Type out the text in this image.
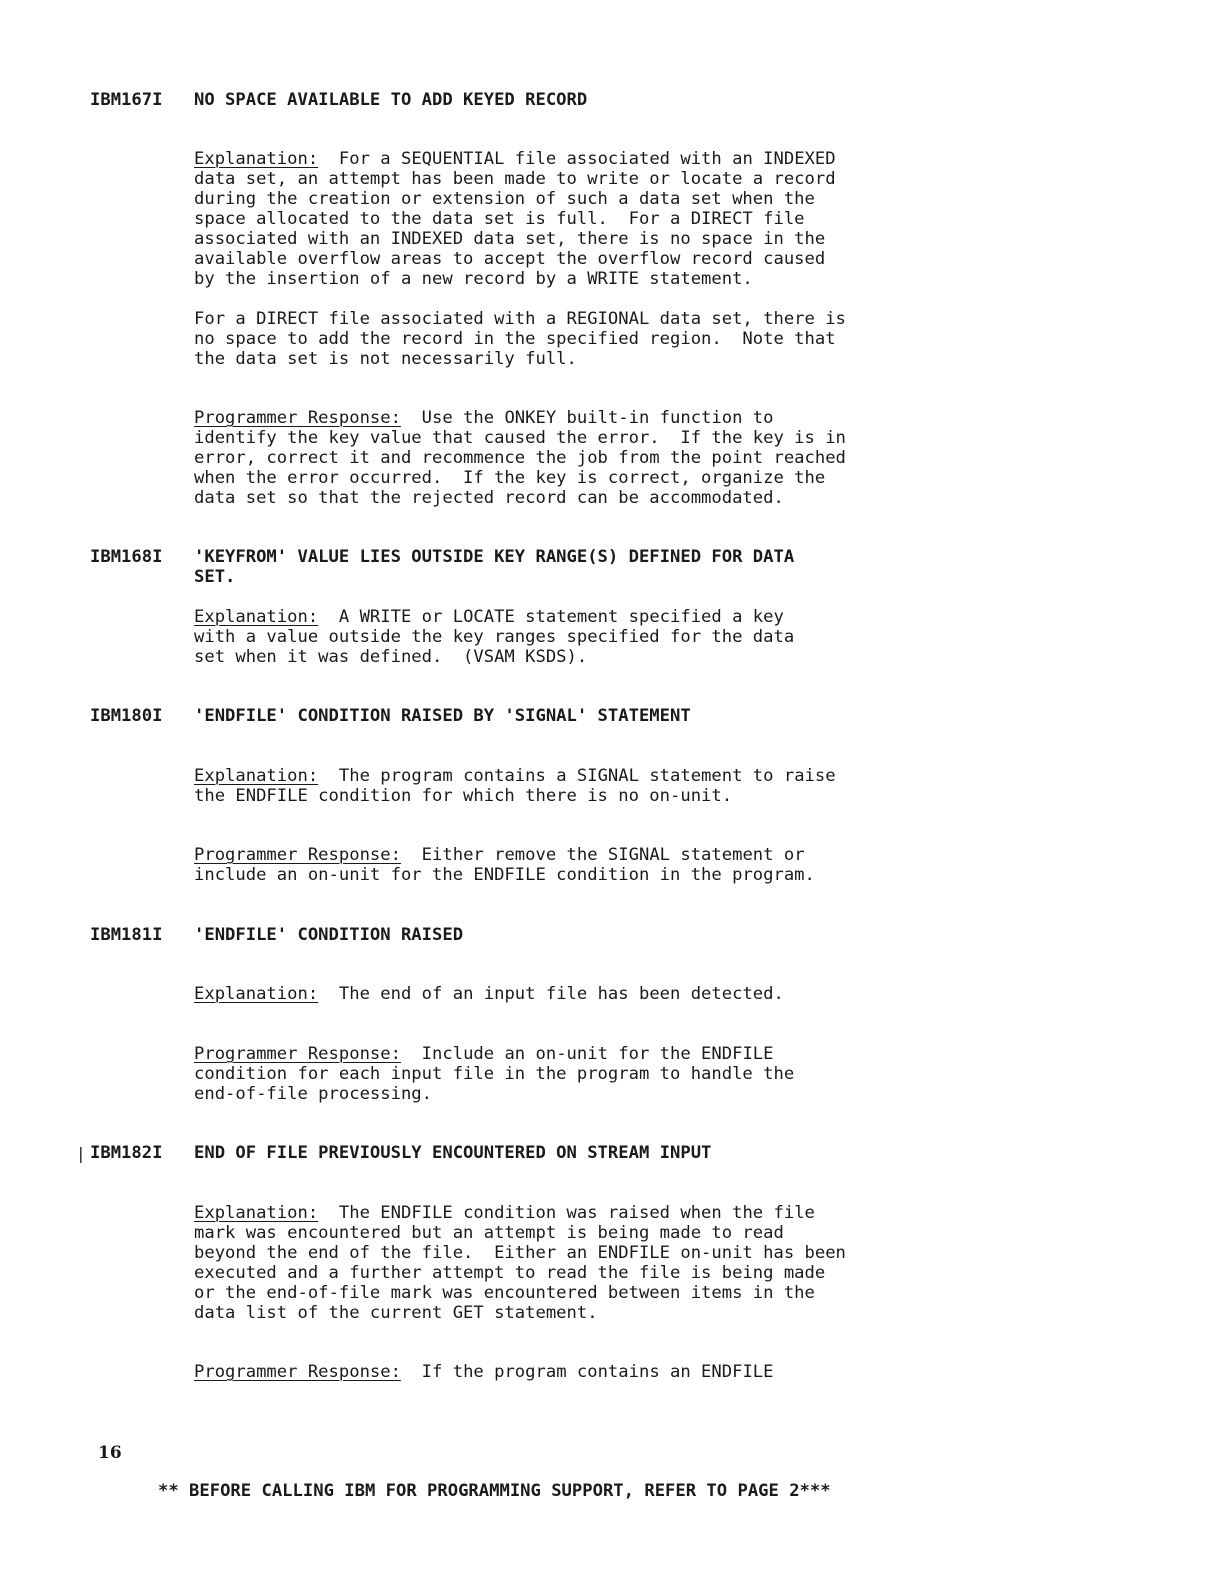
IBM167I NO SPACE AVAILABLE TO ADD KEYED RECORD
Explanation: For a SEQUENTIAL file associated with an INDEXED
data set, an attempt has been made to write or locate a record
during the creation or extension of such a data set when the
space allocated to the data set is full.  For a DIRECT file
associated with an INDEXED data set, there is no space in the
available overflow areas to accept the overflow record caused
by the insertion of a new record by a WRITE statement.
For a DIRECT file associated with a REGIONAL data set, there is
no space to add the record in the specified region.  Note that
the data set is not necessarily full.
Programmer Response: Use the ONKEY built-in function to
identify the key value that caused the error.  If the key is in
error, correct it and recommence the job from the point reached
when the error occurred.  If the key is correct, organize the
data set so that the rejected record can be accommodated.
IBM168I 'KEYFROM' VALUE LIES OUTSIDE KEY RANGE(S) DEFINED FOR DATA
SET.
Explanation: A WRITE or LOCATE statement specified a key
with a value outside the key ranges specified for the data
set when it was defined.  (VSAM KSDS).
IBM180I 'ENDFILE' CONDITION RAISED BY 'SIGNAL' STATEMENT
Explanation: The program contains a SIGNAL statement to raise
the ENDFILE condition for which there is no on-unit.
Programmer Response: Either remove the SIGNAL statement or
include an on-unit for the ENDFILE condition in the program.
IBM181I 'ENDFILE' CONDITION RAISED
Explanation: The end of an input file has been detected.
Programmer Response: Include an on-unit for the ENDFILE
condition for each input file in the program to handle the
end-of-file processing.
| IBM182I END OF FILE PREVIOUSLY ENCOUNTERED ON STREAM INPUT
Explanation: The ENDFILE condition was raised when the file
mark was encountered but an attempt is being made to read
beyond the end of the file.  Either an ENDFILE on-unit has been
executed and a further attempt to read the file is being made
or the end-of-file mark was encountered between items in the
data list of the current GET statement.
Programmer Response: If the program contains an ENDFILE
16
** BEFORE CALLING IBM FOR PROGRAMMING SUPPORT, REFER TO PAGE 2***
